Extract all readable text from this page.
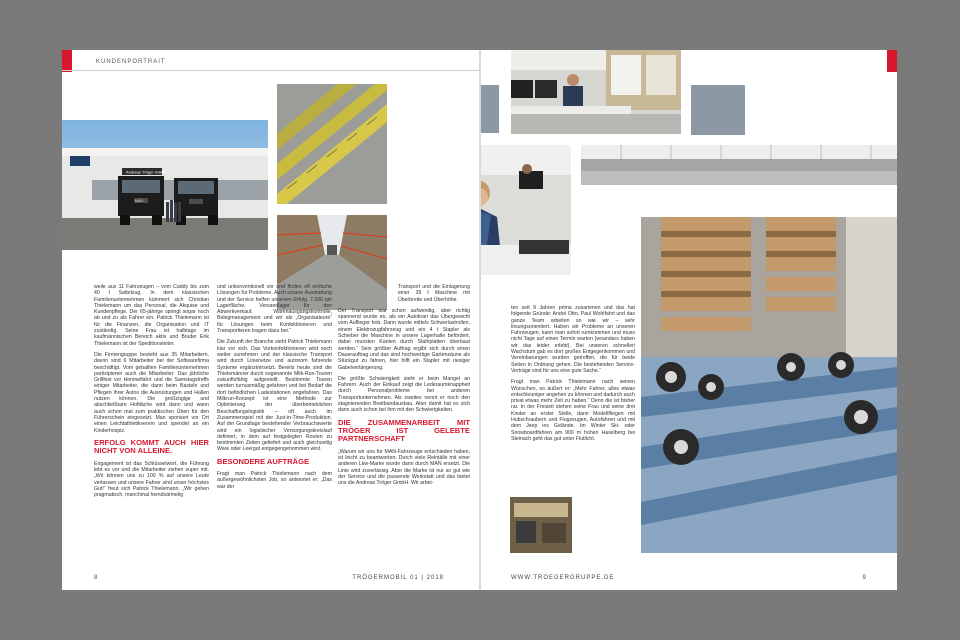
KUNDENPORTRAIT
Andreas Tröger GmbH
MAN

weile aus 11 Fahrzeugen – vom Caddy bis zum 40 t Sattelzug. In dem klassischen Familienunternehmen kümmert sich Christian Thielemann um das Personal, die Akquise und Kundenpflege. Der 65-jährige springt sogar noch ab und zu als Fahrer ein. Patrick Thielemann ist für die Finanzen, die Organisation und IT zuständig. Seine Frau ist halbtags im kaufmännischen Bereich aktiv und Bruder Erik Thielemann ist der Speditionsleiter.

Die Firmengruppe besteht aus 35 Mitarbeitern, davon sind 6 Mitarbeiter bei der Softwarefirma beschäftigt. Vom geballten Familienunternehmen partizipieren auch die Mitarbeiter: Das jährliche Grillfest vor Himmelfahrt und die Samstagstreffs einiger Mitarbeiter, die dann beim Basteln und Pflegen ihrer Autos die Ausrüstungen und Hallen nutzen können. Die großzügige und abschließbare Hoftläche wird dann und wann auch schon mal zum praktischen Üben für den Führerschein eingesetzt. Man sponsert vor Ort einen Leichtathletikverein und spendet an ein Kinderhospiz.

ERFOLG KOMMT AUCH HIER NICHT VON ALLEINE.

Engagement ist das Schlüsselwort, die Führung lebt es vor und die Mitarbeiter ziehen super mit. „Wir können uns zu 100 % auf unsere Leute verlassen und unsere Fahrer sind unser höchstes Gut!“ freut sich Patrick Thielemann. „Wir gehen pragmatisch, manchmal hemdsärmelig

und unkonventionell vor und finden oft einfache Lösungen für Probleme. Auch unsere Ausstattung und der Service helfen unserem Erfolg. 7.000 qm Lagerfläche, Versandlager für den Abwerkverkauf, Warenausgangskontrolle, Belegmanagement und wir als „Organisateure“ für Lösungen beim Konfektionieren und Transportieren tragen dazu bei.“

Die Zukunft der Branche sieht Patrick Thielemann klar vor sich. Das Vorkonfektionieren wird noch weiter zunehmen und der klassische Transport wird durch Linienetze und autonom fahrende Systeme ergänzt/ersetzt. Bereits heute sind die Thielemänner durch sogenannte Milk-Run-Touren zukunftsfähig aufgestellt. Bestimmte Touren werden turnusmäßig gefahren und bei Bedarf die dort befindlichen Ladestationen angefahren. Das Milkrun-Konzept ist eine Methode zur Optimierung der überbetrieblichen Beschaffungslogistik – oft auch im Zusammenspiel mit der Just-in-Time-Produktion. Auf der Grundlage bestehender Verbrauchswerte wird ein logistischer Versorgungskreislauf definiert, in dem auf festgelegten Routen zu bestimmten Zeiten geliefert und auch gleichzeitig Ware oder Leergut entgegengenommen wird.

BESONDERE AUFTRÄGE

Fragt man Patrick Thielemann nach dem außergewöhnlichsten Job, so antwortet er: „Das war der

Transport und die Einlagerung einer 35 t Maschine mit Überbreite und Überhöhe.

Der Transport war schon aufwendig, aber richtig spannend wurde es, als ein Autokran das Übergewicht vom Auflieger hob. Dann wurde mittels Schwerlastrollen, einem Elektrozugfahrzeug und ein 4 t Stapler als Schieber die Maschine in unsere Lagerhalle befördert, dabei mussten Kanten durch Stahlplatten überbaut werden.“ Sein größter Auftrag ergibt sich durch einen Dauerauftrag und das sind hochwertige Gartenzäune als Stückgut zu fahren, hier hilft ein Stapler mit riesiger Gabelverlängerung.

Die größte Schwierigkeit sieht er beim Mangel an Fahrern. Auch der Einkauf zeigt die Lederaumknappheit durch Personalprobleme bei anderen Transportunternehmen. Als zweites nennt er noch den stagnierenden Breitbandausbau. Aber damit hat es sich dann auch schon bei ihm mit den Schwierigkeiten.

DIE ZUSAMMENARBEIT MIT TRÖGER IST GELEBTE PARTNERSCHAFT

„Warum wir uns für MAN-Fahrzeuge entschieden haben, ist leicht zu beantworten: Durch viele Reintälle mit einer anderen Lkw-Marke wurde dann durch MAN ersetzt. Die Linie wird zuverlässig. Aber die Marke ist nur so gut wie der Service und die passende Werkstatt und das bietet uns die Andreas Tröger GmbH. Wir arbei-

8	TRÖGERMOBIL 01 | 2018

ten seit 9 Jahren prima zusammen und das hat folgende Gründe: André Otto, Paul Wohlfahrt und das ganze Team arbeiten so wie wir – sehr lösungsorientiert. Haben wir Probleme an unseren Fahrzeugen, kann man sofort rumkommen und muss nicht Tage auf einen Termin warten (woandars haben wir das leider erlebt). Bei unseren schnellen Wachstum gab es dort großes Entgegenkommen und Vereinbarungen wurden getroffen, die für beide Seiten in Ordnung gehen. Die bestehenden Service-Verträge sind für uns eine gute Sache.“

Fragt man Patrick Thielemann nach seinen Wünschen, so äußert er: „Mehr Fahrer, alles etwas entschleuniger angehen zu können und dadurch auch privat etwas mehr Zeit zu haben.“ Denn die ist bisher rar. In der Freizeit stehen seine Frau und seine drei Kinder an erster Stelle, dann Modellfliegen mit Hubschraubern und Flugzeugen, Autofahren und mit dem Jeep ins Gelände. Im Winter Ski- oder Snowboardfahren am 900 m hohen Haselberg bei Steinach geht das gut unter Flutlicht.

WWW.TROEGERGRUPPE.DE	9
